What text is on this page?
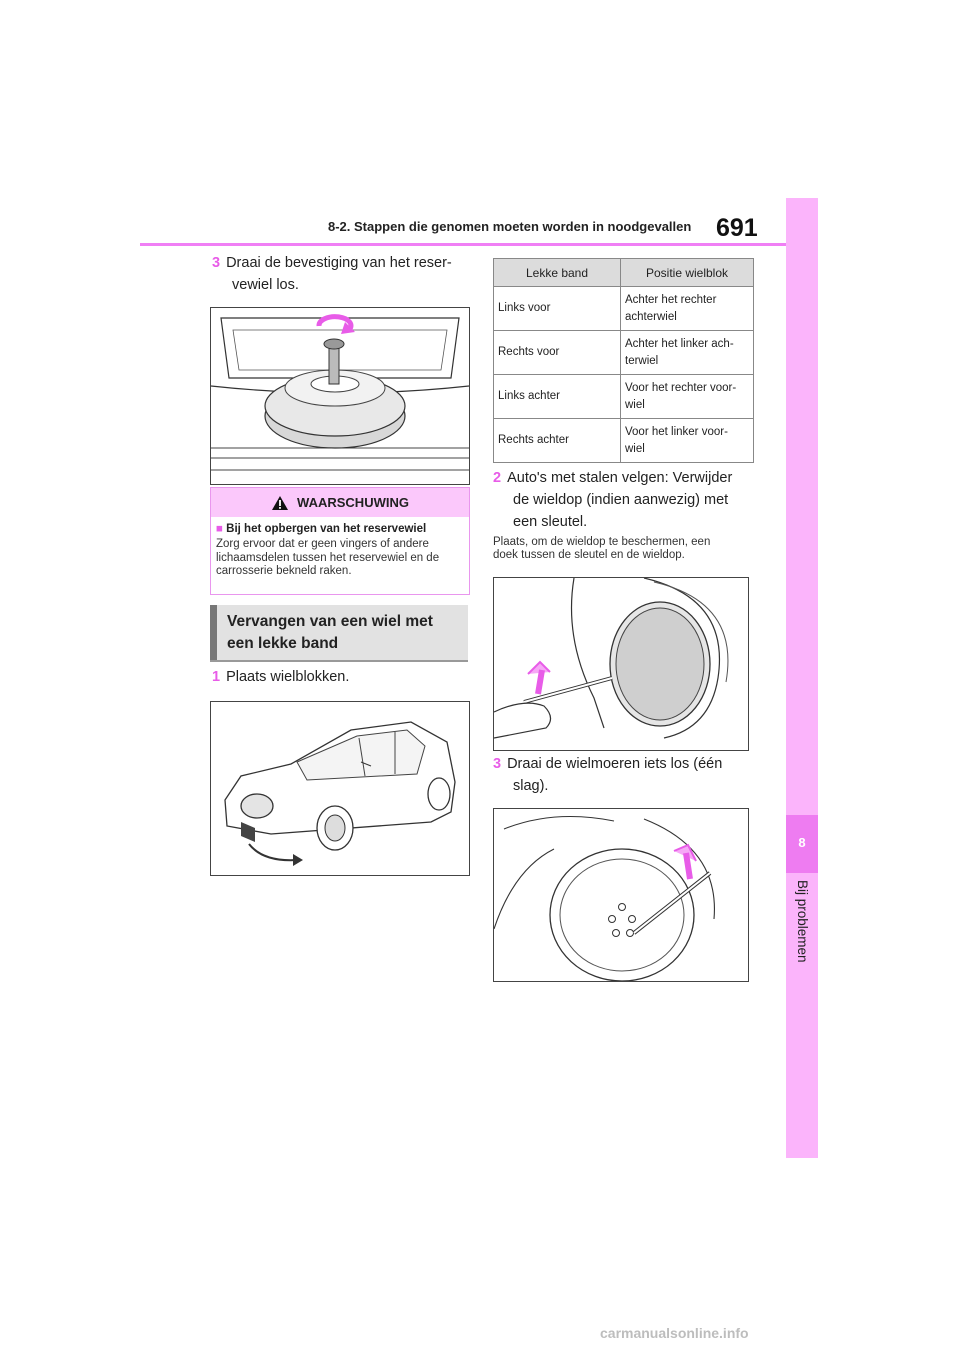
8-2. Stappen die genomen moeten worden in noodgevallen 691
8
Bij problemen
3 Draai de bevestiging van het reser-
vewiel los.
WAARSCHUWING
■ Bij het opbergen van het reservewiel
Zorg ervoor dat er geen vingers of andere lichaamsdelen tussen het reservewiel en de carrosserie bekneld raken.
Vervangen van een wiel met
een lekke band
1 Plaats wielblokken.
Lekke band	Positie wielblok
Links voor	Achter het rechter
achterwiel

Rechts voor	Achter het linker ach-
terwiel

Links achter	Voor het rechter voor-
wiel

Rechts achter	Voor het linker voor-
wiel
2 Auto's met stalen velgen: Verwijder
de wieldop (indien aanwezig) met
een sleutel.
Plaats, om de wieldop te beschermen, een
doek tussen de sleutel en de wieldop.
3 Draai de wielmoeren iets los (één
slag).
carmanualsonline.info
